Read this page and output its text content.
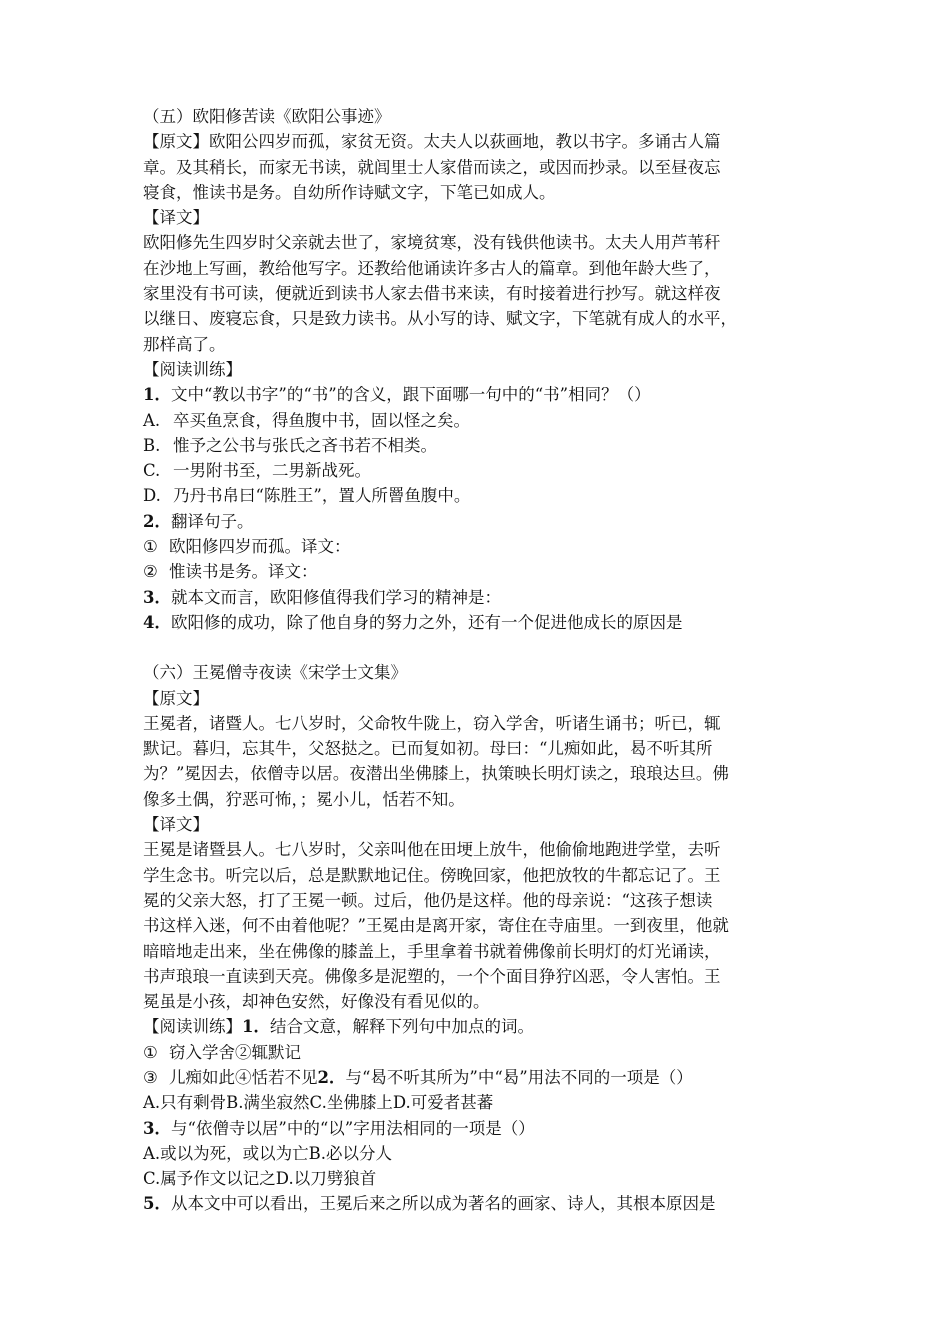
（五）欧阳修苦读《欧阳公事迹》

【原文】欧阳公四岁而孤，家贫无资。太夫人以荻画地，教以书字。多诵古人篇

章。及其稍长，而家无书读，就闾里士人家借而读之，或因而抄录。以至昼夜忘

寝食，惟读书是务。自幼所作诗赋文字，下笔已如成人。

【译文】

欧阳修先生四岁时父亲就去世了，家境贫寒，没有钱供他读书。太夫人用芦苇秆

在沙地上写画，教给他写字。还教给他诵读许多古人的篇章。到他年龄大些了，

家里没有书可读，便就近到读书人家去借书来读，有时接着进行抄写。就这样夜

以继日、废寝忘食，只是致力读书。从小写的诗、赋文字，下笔就有成人的水平，

那样高了。

【阅读训练】

1．文中“教以书字”的“书”的含义，跟下面哪一句中的“书”相同？（）

A. 卒买鱼烹食，得鱼腹中书，固以怪之矣。

B. 惟予之公书与张氏之吝书若不相类。

C. 一男附书至，二男新战死。

D. 乃丹书帛曰“陈胜王”，置人所罾鱼腹中。

2．翻译句子。

① 欧阳修四岁而孤。译文：

② 惟读书是务。译文：

3．就本文而言，欧阳修值得我们学习的精神是：

4．欧阳修的成功，除了他自身的努力之外，还有一个促进他成长的原因是

（六）王冕僧寺夜读《宋学士文集》

【原文】

王冕者，诸暨人。七八岁时，父命牧牛陇上，窃入学舍，听诸生诵书；听已，辄

默记。暮归，忘其牛，父怒挞之。已而复如初。母曰：“儿痴如此，曷不听其所

为？”冕因去，依僧寺以居。夜潜出坐佛膝上，执策映长明灯读之，琅琅达旦。佛

像多土偶，狞恶可怖，；冕小儿，恬若不知。

【译文】

王冕是诸暨县人。七八岁时，父亲叫他在田埂上放牛，他偷偷地跑进学堂，去听

学生念书。听完以后，总是默默地记住。傍晚回家，他把放牧的牛都忘记了。王

冕的父亲大怒，打了王冕一顿。过后，他仍是这样。他的母亲说：“这孩子想读

书这样入迷，何不由着他呢？”王冕由是离开家，寄住在寺庙里。一到夜里，他就

暗暗地走出来，坐在佛像的膝盖上，手里拿着书就着佛像前长明灯的灯光诵读，

书声琅琅一直读到天亮。佛像多是泥塑的，一个个面目狰狞凶恶，令人害怕。王

冕虽是小孩，却神色安然，好像没有看见似的。

【阅读训练】1．结合文意，解释下列句中加点的词。

① 窃入学舍②辄默记

③ 儿痴如此④恬若不见2．与“曷不听其所为”中“曷”用法不同的一项是（）

A.只有剩骨B.满坐寂然C.坐佛膝上D.可爱者甚蕃

3．与“依僧寺以居”中的“以”字用法相同的一项是（）

A.或以为死，或以为亡B.必以分人

C.属予作文以记之D.以刀劈狼首

5．从本文中可以看出，王冕后来之所以成为著名的画家、诗人，其根本原因是
